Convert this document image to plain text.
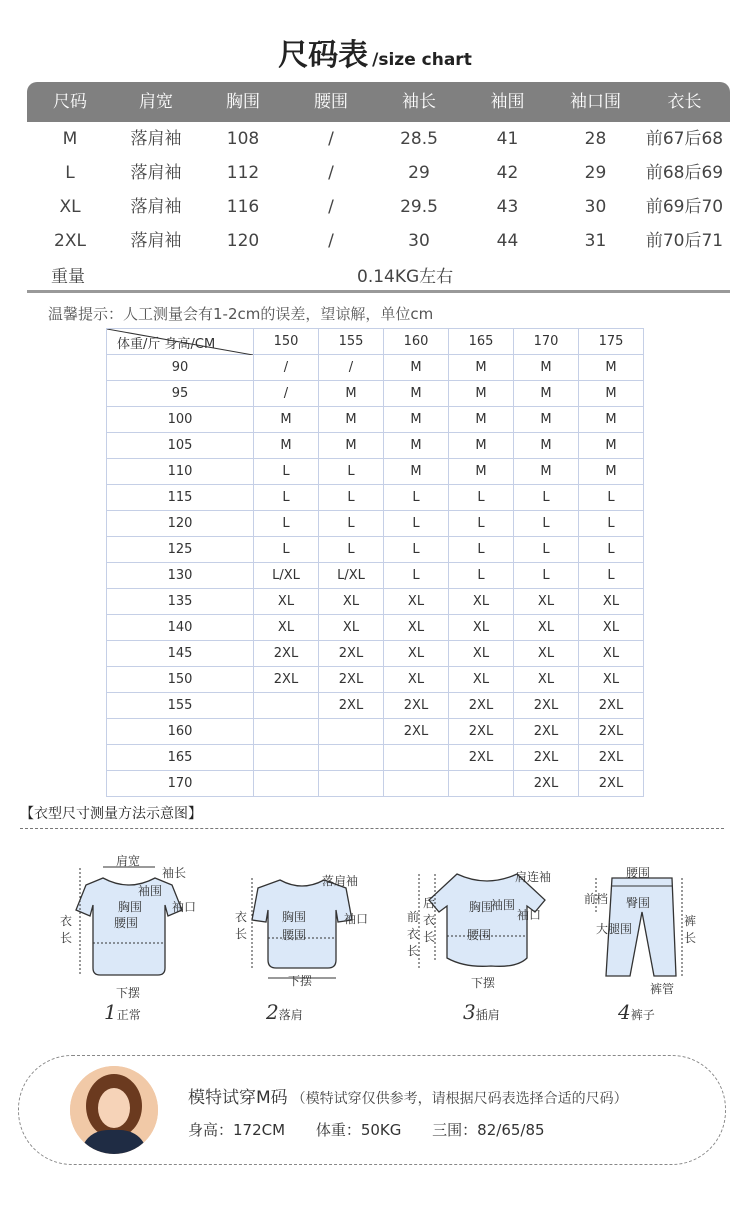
尺码表 /size chart
尺码	肩宽	胸围	腰围	袖长	袖围	袖口围	衣长
M	落肩袖	108	/	28.5	41	28	前67后68
L	落肩袖	112	/	29	42	29	前68后69
XL	落肩袖	116	/	29.5	43	30	前69后70
2XL	落肩袖	120	/	30	44	31	前70后71
重量	0.14KG左右
温馨提示：人工测量会有1-2cm的误差，望谅解，单位cm
体重/斤 身高/CM	150	155	160	165	170	175
90	/	/	M	M	M	M
95	/	M	M	M	M	M
100	M	M	M	M	M	M
105	M	M	M	M	M	M
110	L	L	M	M	M	M
115	L	L	L	L	L	L
120	L	L	L	L	L	L
125	L	L	L	L	L	L
130	L/XL	L/XL	L	L	L	L
135	XL	XL	XL	XL	XL	XL
140	XL	XL	XL	XL	XL	XL
145	2XL	2XL	XL	XL	XL	XL
150	2XL	2XL	XL	XL	XL	XL
155		2XL	2XL	2XL	2XL	2XL
160			2XL	2XL	2XL	2XL
165				2XL	2XL	2XL
170					2XL	2XL
【衣型尺寸测量方法示意图】
肩宽
袖长
袖围
袖口
胸围
腰围
衣长
下摆
1正常
落肩袖
胸围
腰围
袖口
衣长
下摆
2落肩
肩连袖
袖围
袖口
胸围
腰围
后衣长
前衣长
下摆
3插肩
腰围
臀围
前档
大腿围
裤长
裤管
4裤子
模特试穿M码 （模特试穿仅供参考，请根据尺码表选择合适的尺码）
身高：172CM 体重：50KG 三围：82/65/85
